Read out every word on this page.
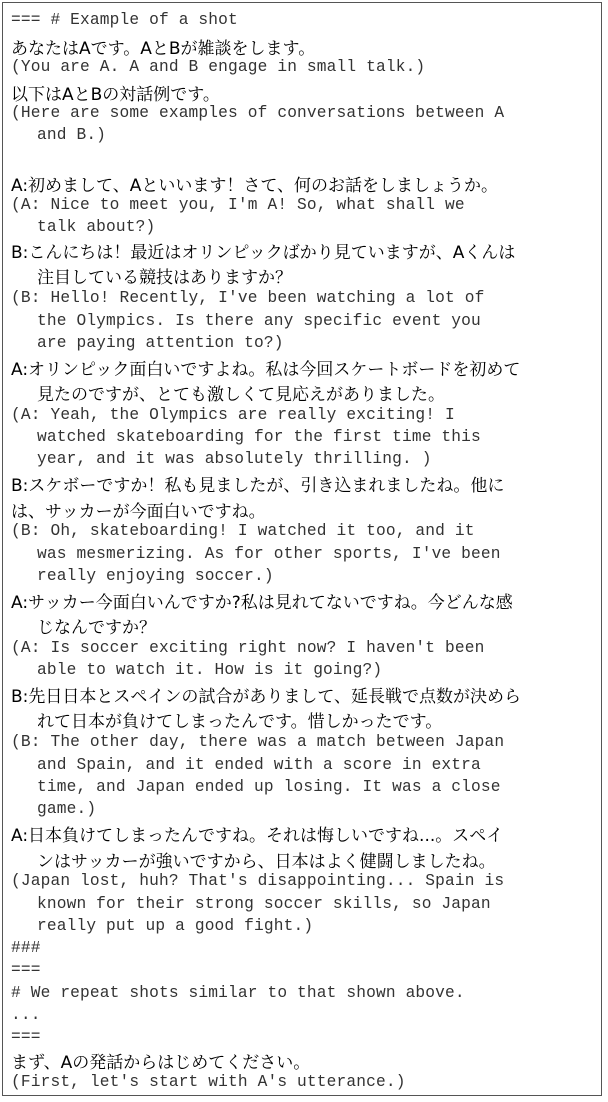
=== # Example of a shot
あなたはAです。AとBが雑談をします。
(You are A. A and B engage in small talk.)
以下はAとBの対話例です。
(Here are some examples of conversations between A
and B.)
A:初めまして、Aといいます！さて、何のお話をしましょうか。
(A: Nice to meet you, I'm A! So, what shall we
talk about?)
B:こんにちは！最近はオリンピックばかり見ていますが、Aくんは
注目している競技はありますか？
(B: Hello! Recently, I've been watching a lot of
the Olympics. Is there any specific event you
are paying attention to?)
A:オリンピック面白いですよね。私は今回スケートボードを初めて
見たのですが、とても激しくて見応えがありました。
(A: Yeah, the Olympics are really exciting! I
watched skateboarding for the first time this
year, and it was absolutely thrilling. )
B:スケボーですか！私も見ましたが、引き込まれましたね。他に
は、サッカーが今面白いですね。
(B: Oh, skateboarding! I watched it too, and it
was mesmerizing. As for other sports, I've been
really enjoying soccer.)
A:サッカー今面白いんですか?私は見れてないですね。今どんな感
じなんですか？
(A: Is soccer exciting right now? I haven't been
able to watch it. How is it going?)
B:先日日本とスペインの試合がありまして、延長戦で点数が決めら
れて日本が負けてしまったんです。惜しかったです。
(B: The other day, there was a match between Japan
and Spain, and it ended with a score in extra
time, and Japan ended up losing. It was a close
game.)
A:日本負けてしまったんですね。それは悔しいですね...。スペイ
ンはサッカーが強いですから、日本はよく健闘しましたね。
(Japan lost, huh? That's disappointing... Spain is
known for their strong soccer skills, so Japan
really put up a good fight.)
###
===
# We repeat shots similar to that shown above.
...
===
まず、Aの発話からはじめてください。
(First, let's start with A's utterance.)
